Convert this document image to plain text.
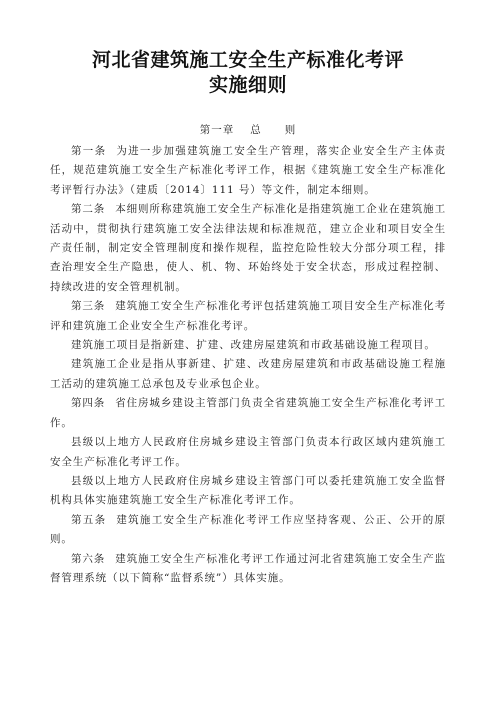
河北省建筑施工安全生产标准化考评
实施细则
第一章 总　　则

第一条 为进一步加强建筑施工安全生产管理，落实企业安全生产主体责任，规范建筑施工安全生产标准化考评工作，根据《建筑施工安全生产标准化考评暂行办法》（建质〔2014〕111 号）等文件，制定本细则。

第二条 本细则所称建筑施工安全生产标准化是指建筑施工企业在建筑施工活动中，贯彻执行建筑施工安全法律法规和标准规范，建立企业和项目安全生产责任制，制定安全管理制度和操作规程，监控危险性较大分部分项工程，排查治理安全生产隐患，使人、机、物、环始终处于安全状态，形成过程控制、持续改进的安全管理机制。

第三条 建筑施工安全生产标准化考评包括建筑施工项目安全生产标准化考评和建筑施工企业安全生产标准化考评。

建筑施工项目是指新建、扩建、改建房屋建筑和市政基础设施工程项目。

建筑施工企业是指从事新建、扩建、改建房屋建筑和市政基础设施工程施工活动的建筑施工总承包及专业承包企业。

第四条 省住房城乡建设主管部门负责全省建筑施工安全生产标准化考评工作。

县级以上地方人民政府住房城乡建设主管部门负责本行政区域内建筑施工安全生产标准化考评工作。

县级以上地方人民政府住房城乡建设主管部门可以委托建筑施工安全监督机构具体实施建筑施工安全生产标准化考评工作。

第五条 建筑施工安全生产标准化考评工作应坚持客观、公正、公开的原则。

第六条 建筑施工安全生产标准化考评工作通过河北省建筑施工安全生产监督管理系统（以下简称“监督系统”）具体实施。
